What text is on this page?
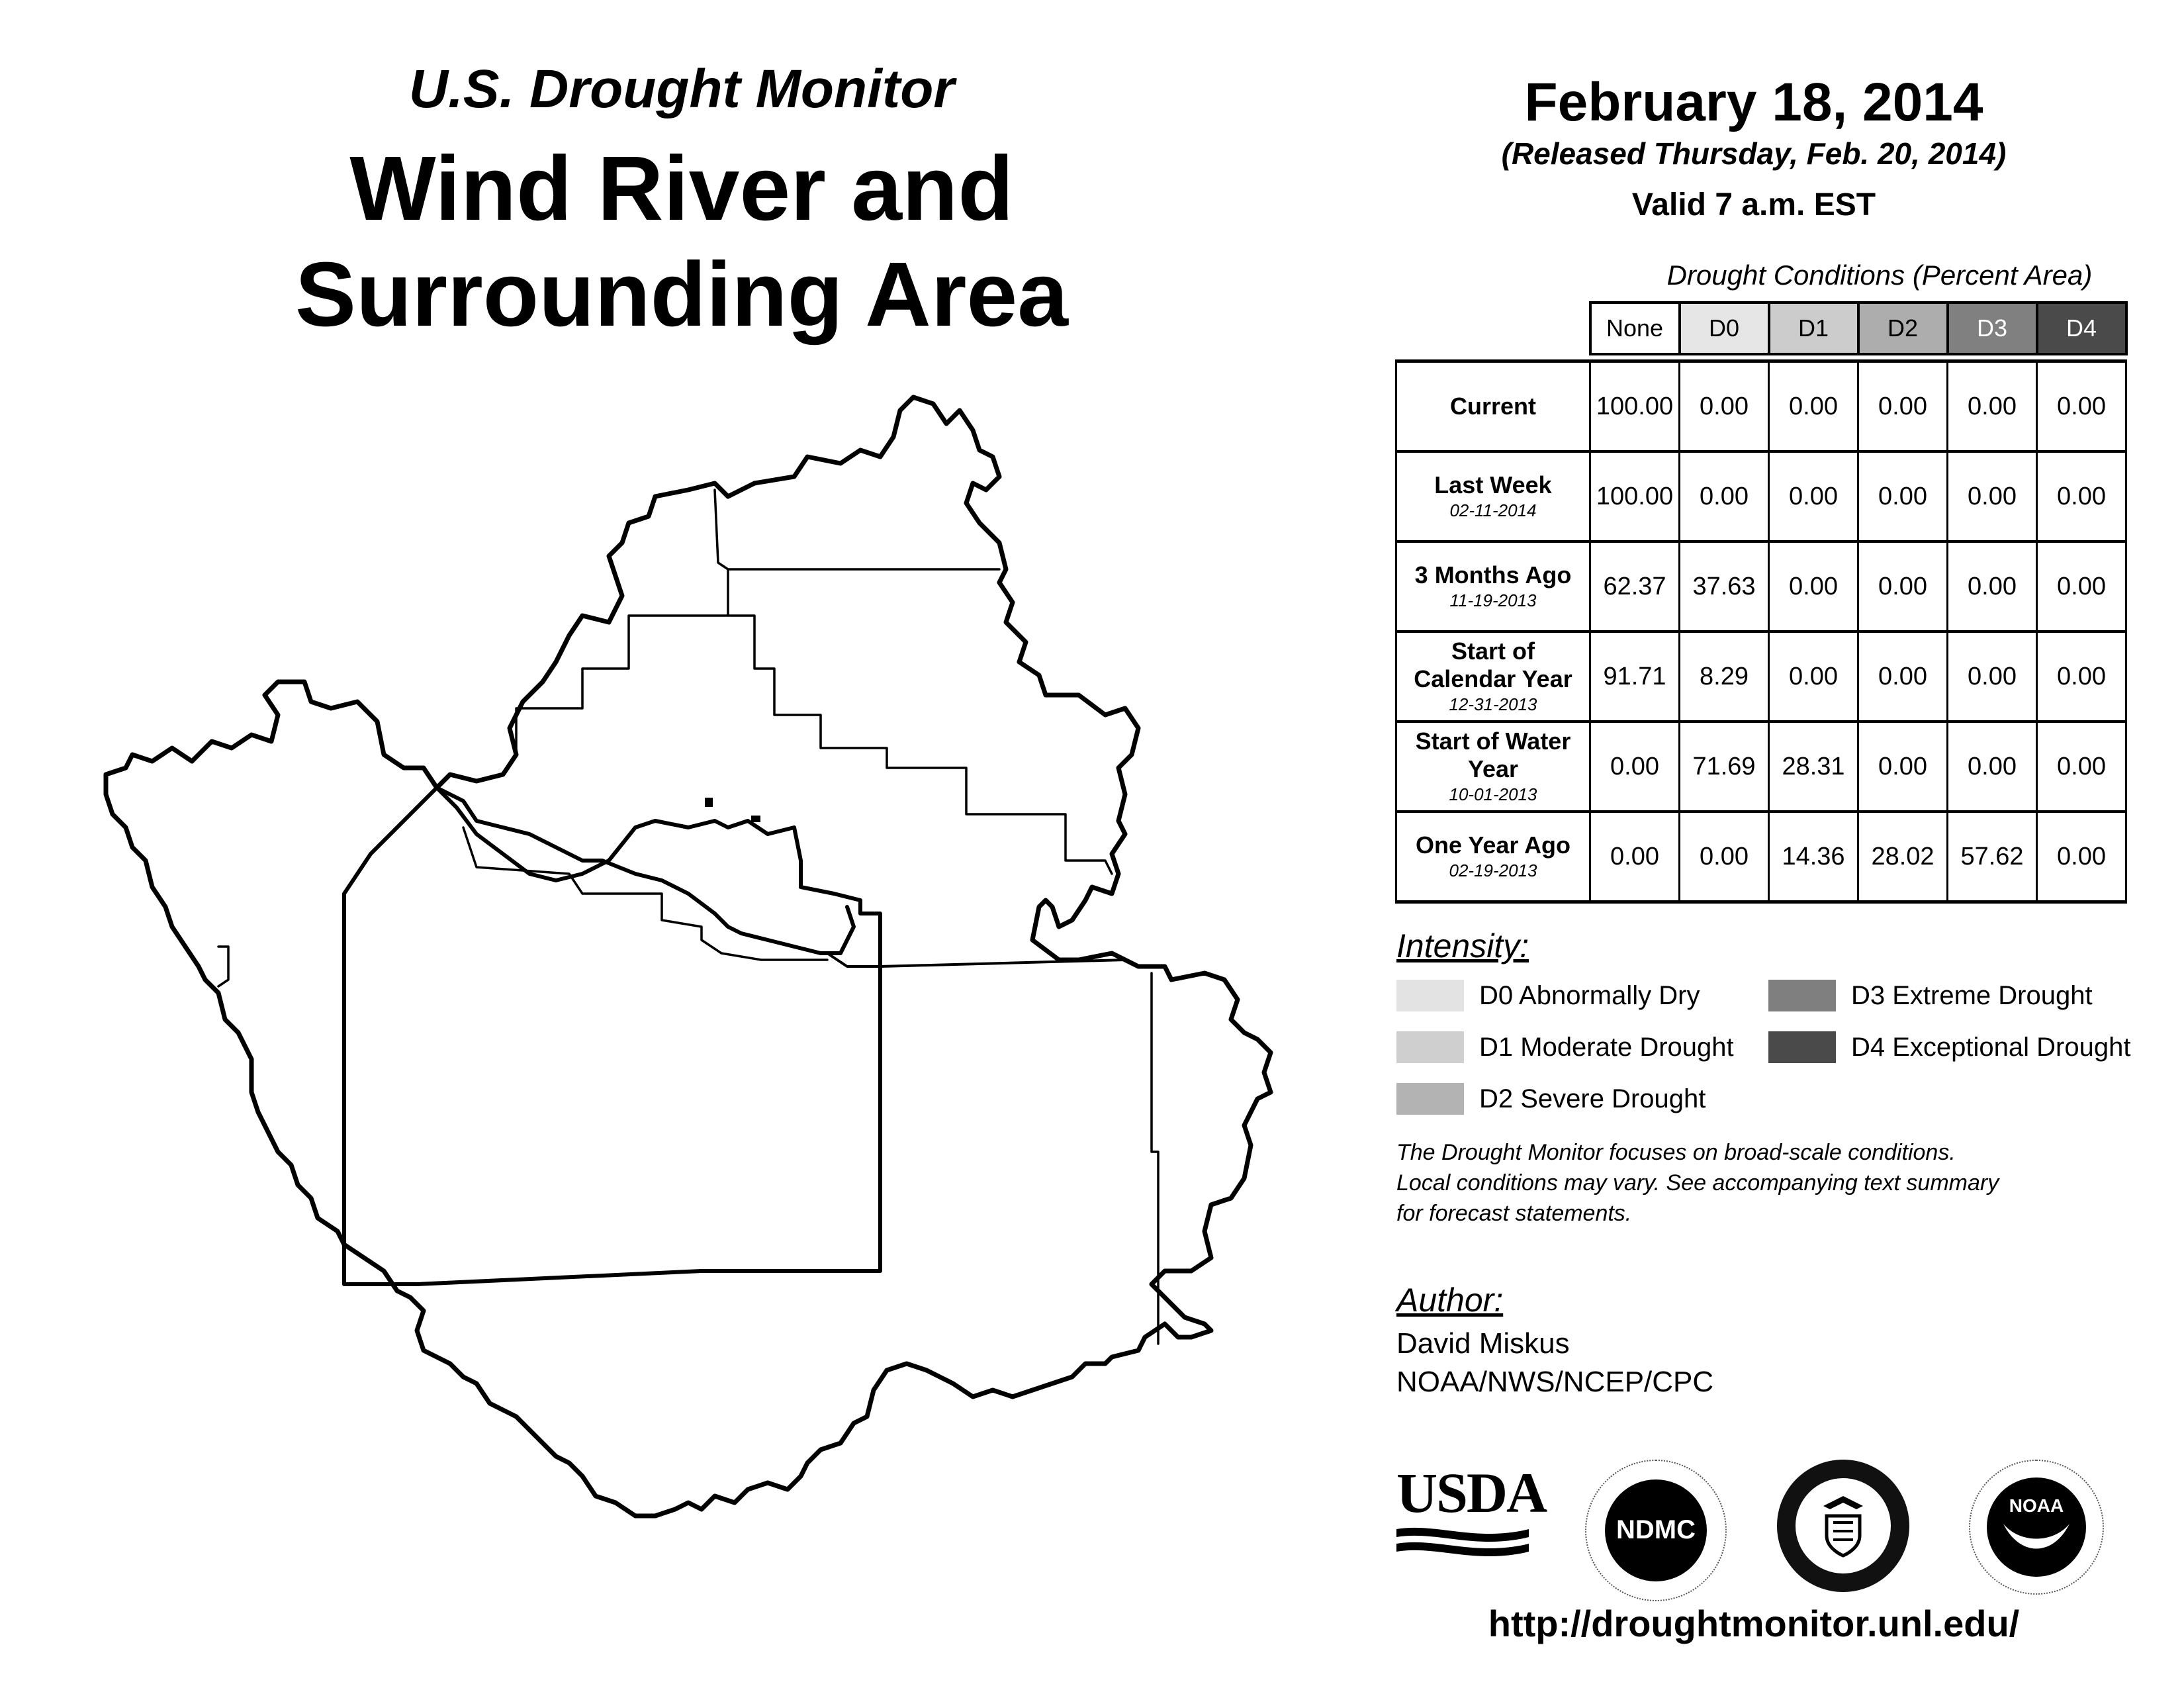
U.S. Drought Monitor
Wind River and
Surrounding Area
February 18, 2014
(Released Thursday, Feb. 20, 2014)
Valid 7 a.m. EST
Drought Conditions (Percent Area)
	None	D0	D1	D2	D3	D4

Current	100.00	0.00	0.00	0.00	0.00	0.00
Last Week
02-11-2014	100.00	0.00	0.00	0.00	0.00	0.00
3 Months Ago
11-19-2013	62.37	37.63	0.00	0.00	0.00	0.00
Start of Calendar Year
12-31-2013	91.71	8.29	0.00	0.00	0.00	0.00
Start of Water Year
10-01-2013	0.00	71.69	28.31	0.00	0.00	0.00
One Year Ago
02-19-2013	0.00	0.00	14.36	28.02	57.62	0.00
Intensity:
D0 Abnormally Dry
D1 Moderate Drought
D2 Severe Drought
D3 Extreme Drought
D4 Exceptional Drought
The Drought Monitor focuses on broad-scale conditions.
Local conditions may vary. See accompanying text summary
for forecast statements.
Author:
David Miskus
NOAA/NWS/NCEP/CPC
USDA
NDMC
NOAA
http://droughtmonitor.unl.edu/
